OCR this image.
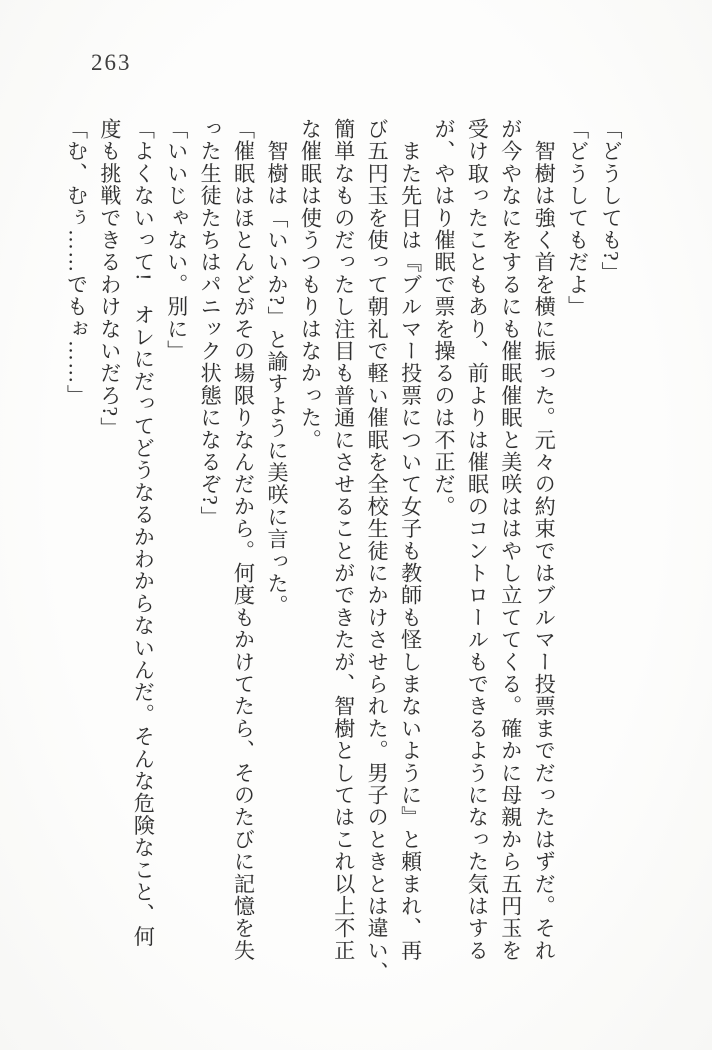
263
「どうしても?」
「どうしてもだよ」
　智樹は強く首を横に振った。元々の約束ではブルマー投票までだったはずだ。それ
が今やなにをするにも催眠催眠と美咲ははやし立ててくる。確かに母親から五円玉を
受け取ったこともあり、前よりは催眠のコントロールもできるようになった気はする
が、やはり催眠で票を操るのは不正だ。
　また先日は『ブルマー投票について女子も教師も怪しまないように』と頼まれ、再
び五円玉を使って朝礼で軽い催眠を全校生徒にかけさせられた。男子のときとは違い、
簡単なものだったし注目も普通にさせることができたが、智樹としてはこれ以上不正
な催眠は使うつもりはなかった。
　智樹は「いいか?」と諭すように美咲に言った。
「催眠はほとんどがその場限りなんだから。何度もかけてたら、そのたびに記憶を失
った生徒たちはパニック状態になるぞ?」
「いいじゃない。別に」
「よくないって!　オレにだってどうなるかわからないんだ。そんな危険なこと、何
度も挑戦できるわけないだろ?」
「む、むぅ……でもぉ……」
